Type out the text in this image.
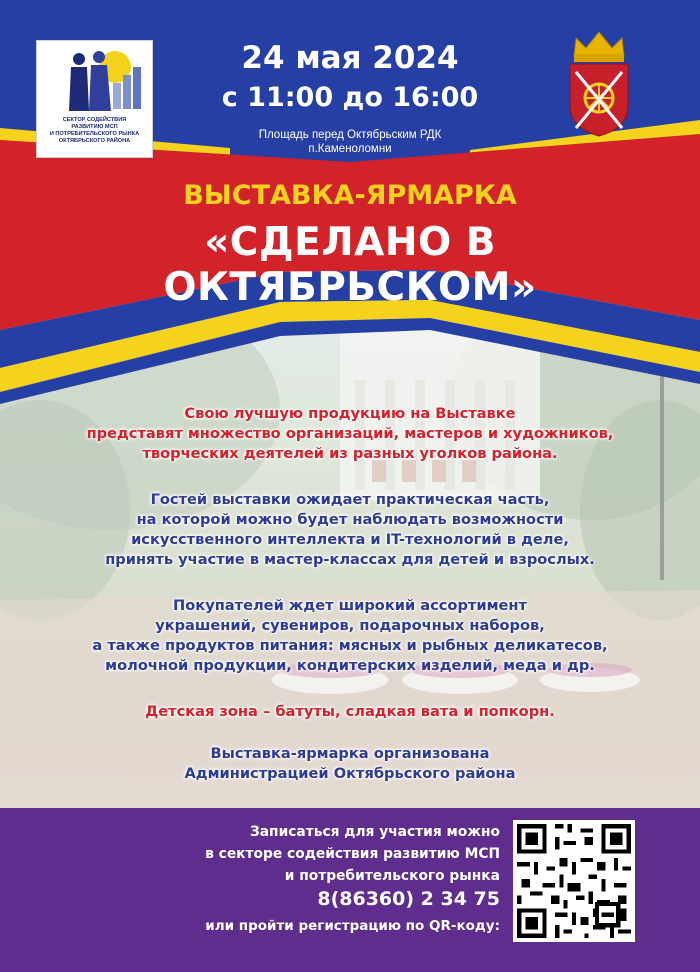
СЕКТОР СОДЕЙСТВИЯ
РАЗВИТИЮ МСП
И ПОТРЕБИТЕЛЬСКОГО РЫНКА
ОКТЯБРЬСКОГО РАЙОНА
24 мая 2024
с 11:00 до 16:00
Площадь перед Октябрьским РДК
п.Каменоломни
ВЫСТАВКА-ЯРМАРКА
«СДЕЛАНО В ОКТЯБРЬСКОМ»
Свою лучшую продукцию на Выставке
представят множество организаций, мастеров и художников,
творческих деятелей из разных уголков района.
Гостей выставки ожидает практическая часть,
на которой можно будет наблюдать возможности
искусственного интеллекта и IT-технологий в деле,
принять участие в мастер-классах для детей и взрослых.
Покупателей ждет широкий ассортимент
украшений, сувениров, подарочных наборов,
а также продуктов питания: мясных и рыбных деликатесов,
молочной продукции, кондитерских изделий, меда и др.
Детская зона – батуты, сладкая вата и попкорн.
Выставка-ярмарка организована
Администрацией Октябрьского района
Записаться для участия можно
в секторе содействия развитию МСП
и потребительского рынка
8(86360) 2 34 75
или пройти регистрацию по QR-коду:
